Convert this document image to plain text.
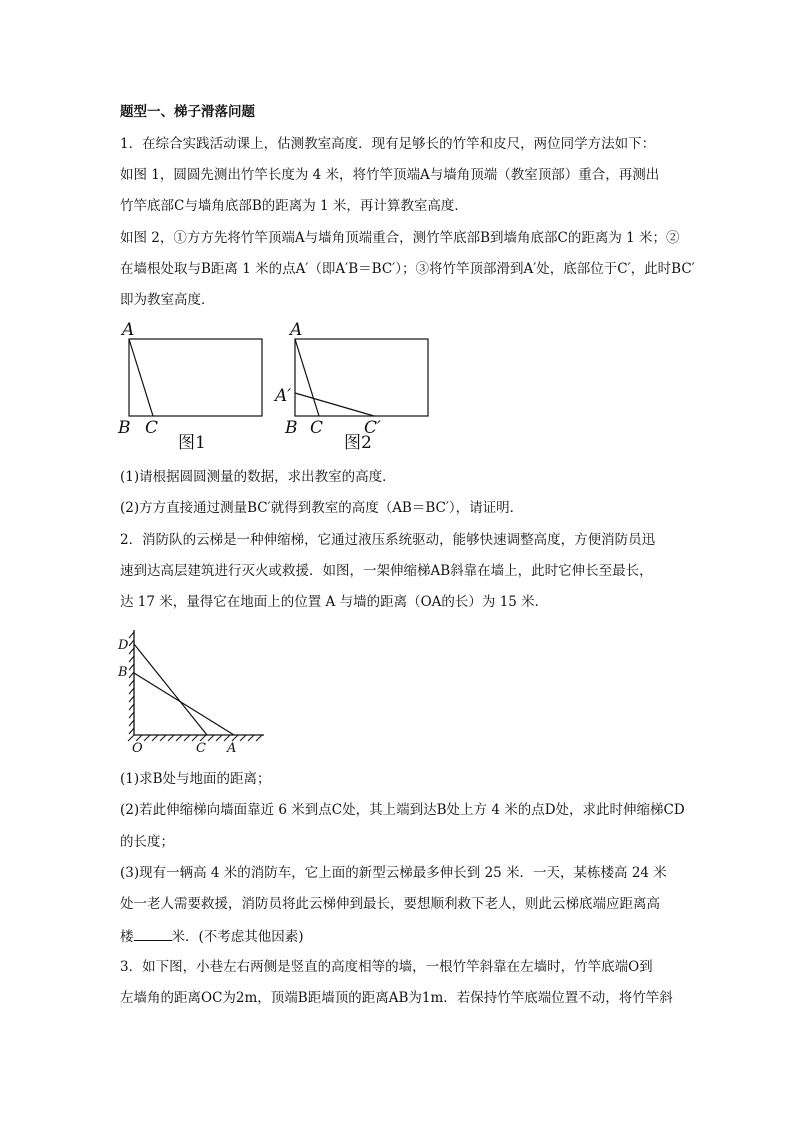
题型一、梯子滑落问题
1．在综合实践活动课上，估测教室高度．现有足够长的竹竿和皮尺，两位同学方法如下：
如图 1，圆圆先测出竹竿长度为 4 米，将竹竿顶端A与墙角顶端（教室顶部）重合，再测出
竹竿底部C与墙角底部B的距离为 1 米，再计算教室高度．
如图 2，①方方先将竹竿顶端A与墙角顶端重合，测竹竿底部B到墙角底部C的距离为 1 米；②
在墙根处取与B距离 1 米的点A′（即A′B＝BC′）；③将竹竿顶部滑到A′处，底部位于C′，此时BC′
即为教室高度．
A
B C
图1
A
A′
B C C′
图2
(1)请根据圆圆测量的数据，求出教室的高度．
(2)方方直接通过测量BC′就得到教室的高度（AB＝BC′），请证明．
2．消防队的云梯是一种伸缩梯，它通过液压系统驱动，能够快速调整高度，方便消防员迅
速到达高层建筑进行灭火或救援．如图，一架伸缩梯AB斜靠在墙上，此时它伸长至最长，
达 17 米，量得它在地面上的位置 A 与墙的距离（OA的长）为 15 米．
D
B
O	C A
(1)求B处与地面的距离；
(2)若此伸缩梯向墙面靠近 6 米到点C处，其上端到达B处上方 4 米的点D处，求此时伸缩梯CD
的长度；
(3)现有一辆高 4 米的消防车，它上面的新型云梯最多伸长到 25 米．一天，某栋楼高 24 米
处一老人需要救援，消防员将此云梯伸到最长，要想顺利救下老人，则此云梯底端应距离高
楼	米．(不考虑其他因素)
3．如下图，小巷左右两侧是竖直的高度相等的墙，一根竹竿斜靠在左墙时，竹竿底端O到
左墙角的距离OC为2m，顶端B距墙顶的距离AB为1m．若保持竹竿底端位置不动，将竹竿斜
